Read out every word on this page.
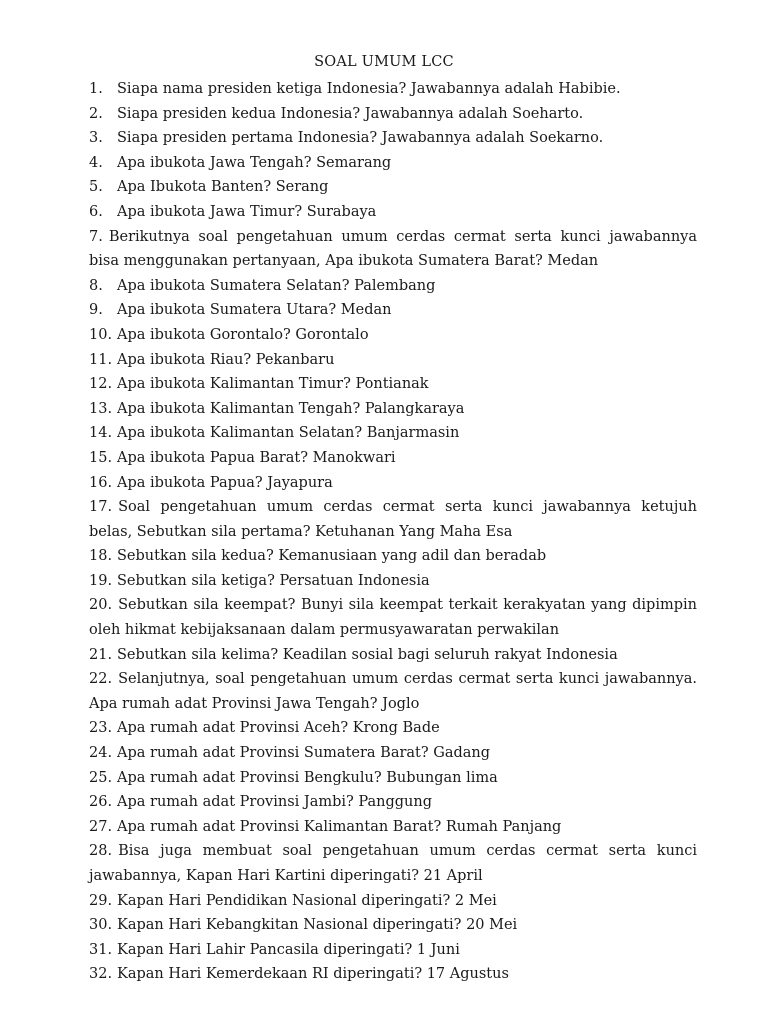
SOAL UMUM LCC
1. Siapa nama presiden ketiga Indonesia? Jawabannya adalah Habibie.
2. Siapa presiden kedua Indonesia? Jawabannya adalah Soeharto.
3. Siapa presiden pertama Indonesia? Jawabannya adalah Soekarno.
4. Apa ibukota Jawa Tengah? Semarang
5. Apa Ibukota Banten? Serang
6. Apa ibukota Jawa Timur? Surabaya
7. Berikutnya soal pengetahuan umum cerdas cermat serta kunci jawabannya bisa menggunakan pertanyaan, Apa ibukota Sumatera Barat? Medan
8. Apa ibukota Sumatera Selatan? Palembang
9. Apa ibukota Sumatera Utara? Medan
10. Apa ibukota Gorontalo? Gorontalo
11. Apa ibukota Riau? Pekanbaru
12. Apa ibukota Kalimantan Timur? Pontianak
13. Apa ibukota Kalimantan Tengah? Palangkaraya
14. Apa ibukota Kalimantan Selatan? Banjarmasin
15. Apa ibukota Papua Barat? Manokwari
16. Apa ibukota Papua? Jayapura
17. Soal pengetahuan umum cerdas cermat serta kunci jawabannya ketujuh belas, Sebutkan sila pertama? Ketuhanan Yang Maha Esa
18. Sebutkan sila kedua? Kemanusiaan yang adil dan beradab
19. Sebutkan sila ketiga? Persatuan Indonesia
20. Sebutkan sila keempat? Bunyi sila keempat terkait kerakyatan yang dipimpin oleh hikmat kebijaksanaan dalam permusyawaratan perwakilan
21. Sebutkan sila kelima? Keadilan sosial bagi seluruh rakyat Indonesia
22. Selanjutnya, soal pengetahuan umum cerdas cermat serta kunci jawabannya. Apa rumah adat Provinsi Jawa Tengah? Joglo
23. Apa rumah adat Provinsi Aceh? Krong Bade
24. Apa rumah adat Provinsi Sumatera Barat? Gadang
25. Apa rumah adat Provinsi Bengkulu? Bubungan lima
26. Apa rumah adat Provinsi Jambi? Panggung
27. Apa rumah adat Provinsi Kalimantan Barat? Rumah Panjang
28. Bisa juga membuat soal pengetahuan umum cerdas cermat serta kunci jawabannya, Kapan Hari Kartini diperingati? 21 April
29. Kapan Hari Pendidikan Nasional diperingati? 2 Mei
30. Kapan Hari Kebangkitan Nasional diperingati? 20 Mei
31. Kapan Hari Lahir Pancasila diperingati? 1 Juni
32. Kapan Hari Kemerdekaan RI diperingati? 17 Agustus
